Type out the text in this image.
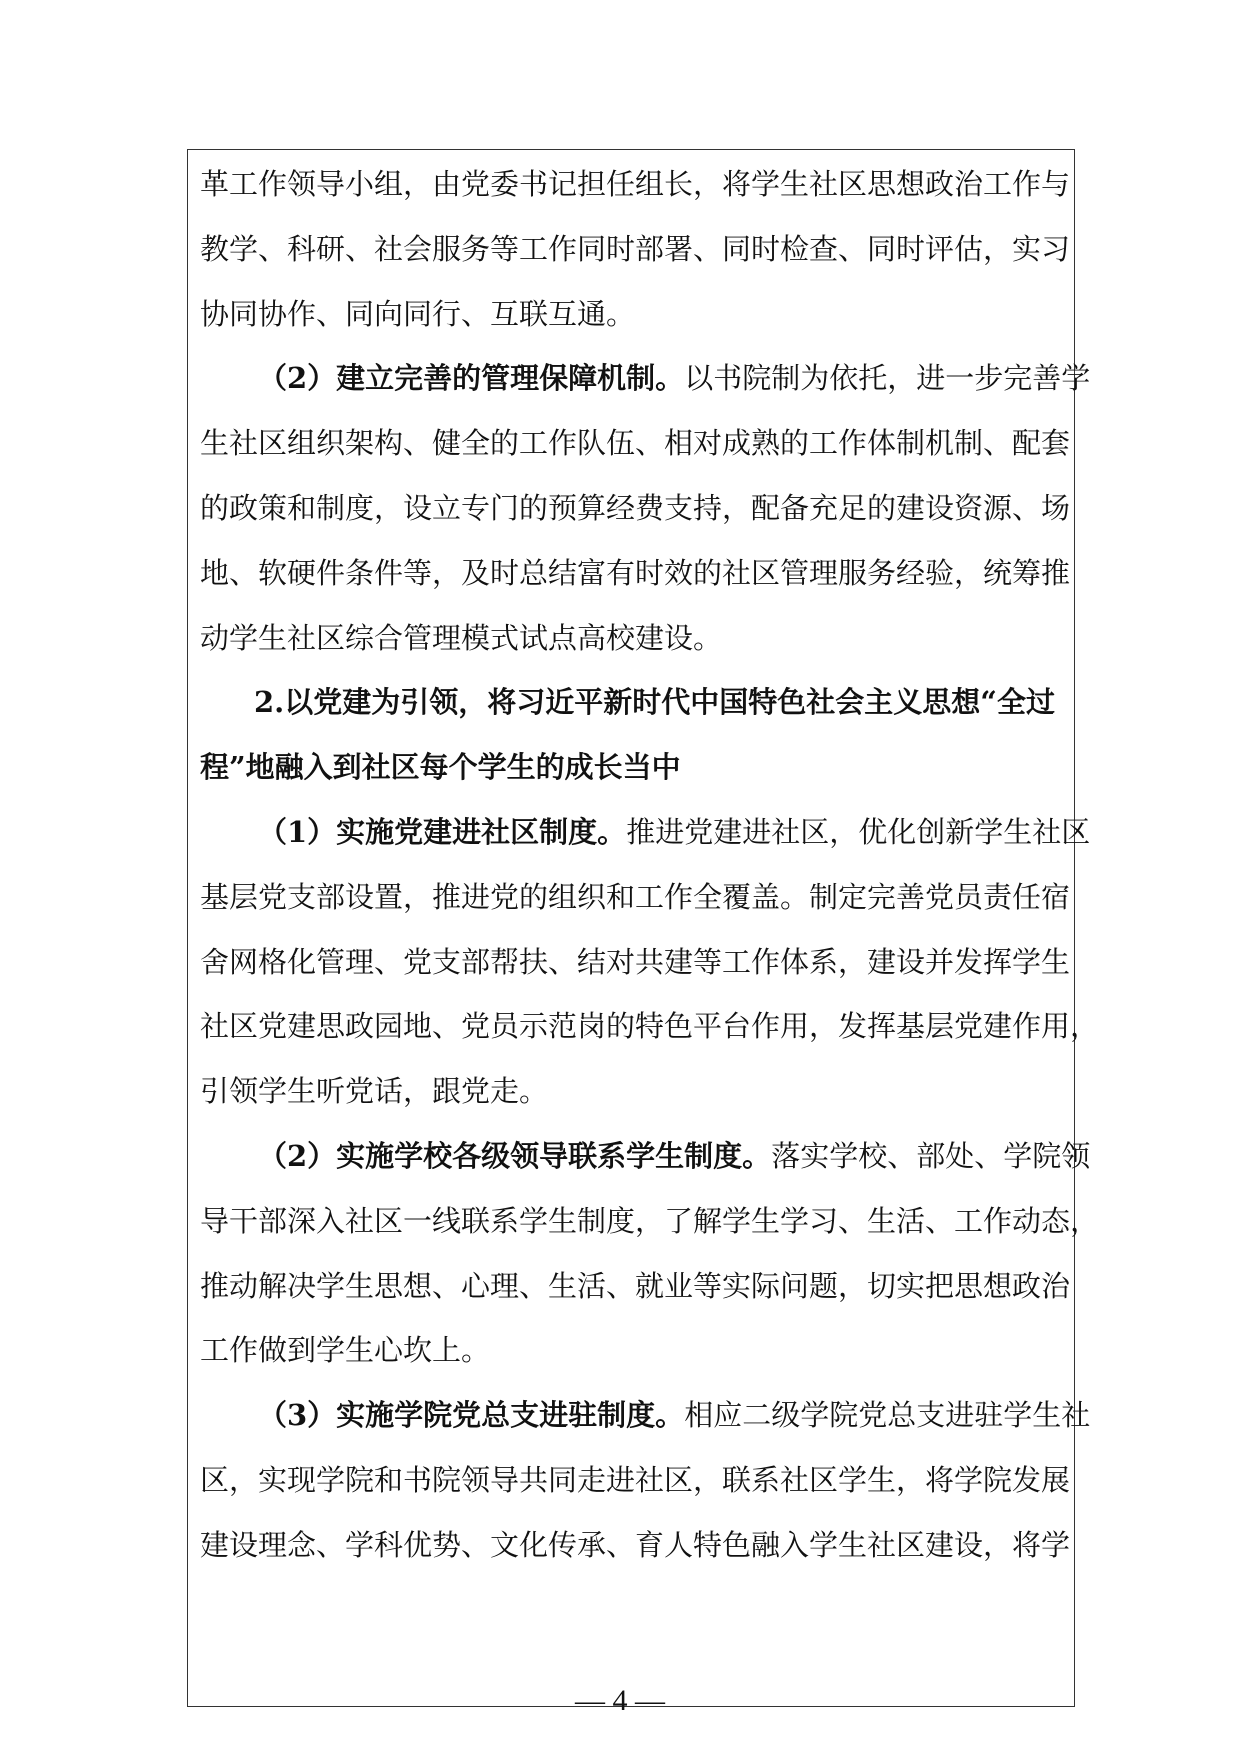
革工作领导小组，由党委书记担任组长，将学生社区思想政治工作与
教学、科研、社会服务等工作同时部署、同时检查、同时评估，实习
协同协作、同向同行、互联互通。
（2）建立完善的管理保障机制。 以书院制为依托，进一步完善学
生社区组织架构、健全的工作队伍、相对成熟的工作体制机制、配套
的政策和制度，设立专门的预算经费支持，配备充足的建设资源、场
地、软硬件条件等，及时总结富有时效的社区管理服务经验，统筹推
动学生社区综合管理模式试点高校建设。
2.以党建为引领，将习近平新时代中国特色社会主义思想“全过
程”地融入到社区每个学生的成长当中
（1）实施党建进社区制度。 推进党建进社区，优化创新学生社区
基层党支部设置，推进党的组织和工作全覆盖。制定完善党员责任宿
舍网格化管理、党支部帮扶、结对共建等工作体系，建设并发挥学生
社区党建思政园地、党员示范岗的特色平台作用，发挥基层党建作用，
引领学生听党话，跟党走。
（2）实施学校各级领导联系学生制度。 落实学校、部处、学院领
导干部深入社区一线联系学生制度，了解学生学习、生活、工作动态，
推动解决学生思想、心理、生活、就业等实际问题，切实把思想政治
工作做到学生心坎上。
（3）实施学院党总支进驻制度。 相应二级学院党总支进驻学生社
区，实现学院和书院领导共同走进社区，联系社区学生，将学院发展
建设理念、学科优势、文化传承、育人特色融入学生社区建设，将学
— 4 —
